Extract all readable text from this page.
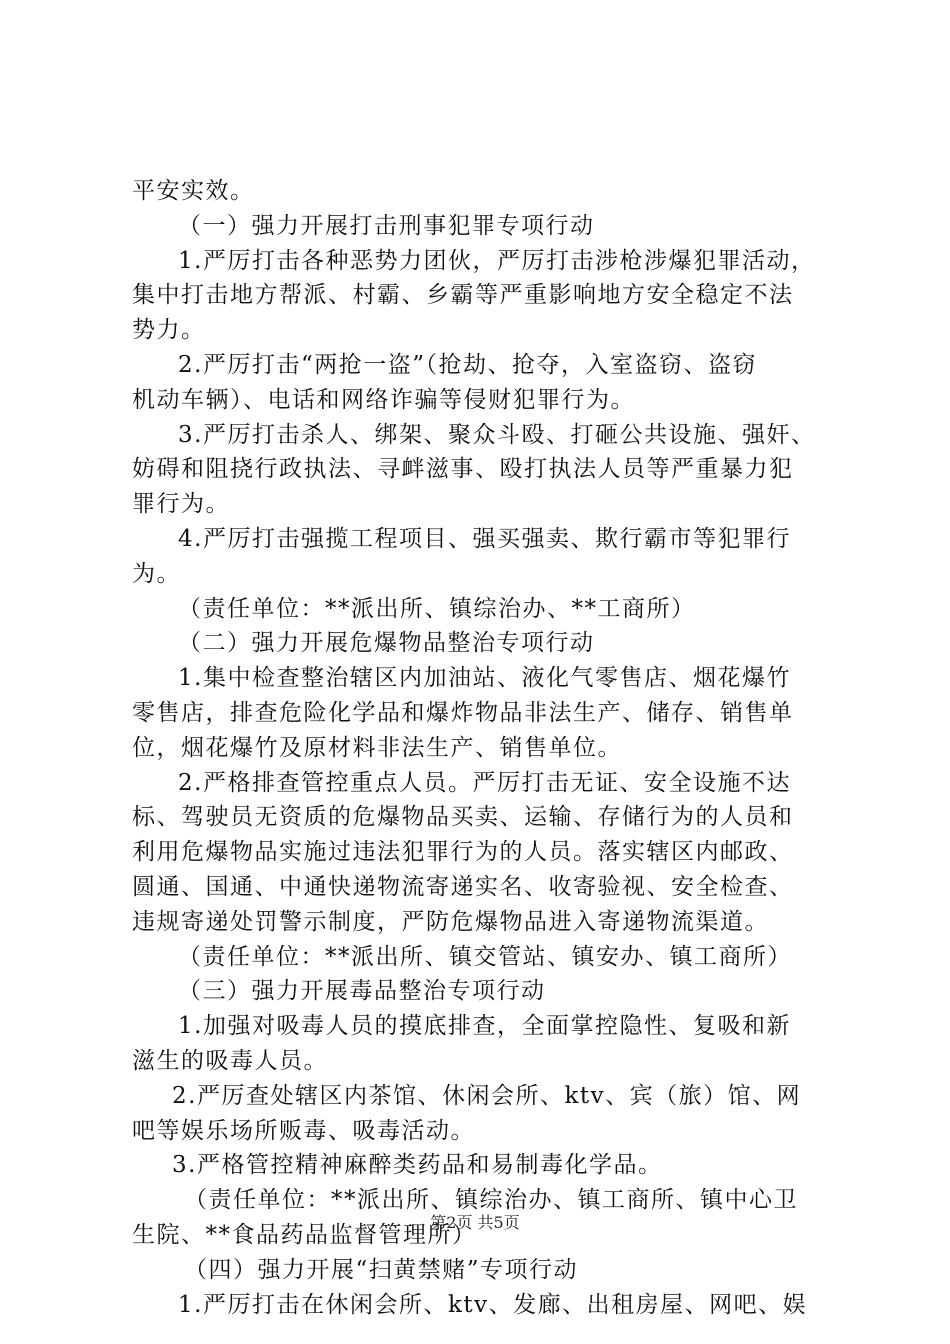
平安实效。
（一）强力开展打击刑事犯罪专项行动
1.严厉打击各种恶势力团伙，严厉打击涉枪涉爆犯罪活动，
集中打击地方帮派、村霸、乡霸等严重影响地方安全稳定不法
势力。
2.严厉打击“两抢一盗”（抢劫、抢夺，入室盗窃、盗窃
机动车辆）、电话和网络诈骗等侵财犯罪行为。
3.严厉打击杀人、绑架、聚众斗殴、打砸公共设施、强奸、
妨碍和阻挠行政执法、寻衅滋事、殴打执法人员等严重暴力犯
罪行为。
4.严厉打击强揽工程项目、强买强卖、欺行霸市等犯罪行
为。
（责任单位：**派出所、镇综治办、**工商所）
（二）强力开展危爆物品整治专项行动
1.集中检查整治辖区内加油站、液化气零售店、烟花爆竹
零售店，排查危险化学品和爆炸物品非法生产、储存、销售单
位，烟花爆竹及原材料非法生产、销售单位。
2.严格排查管控重点人员。严厉打击无证、安全设施不达
标、驾驶员无资质的危爆物品买卖、运输、存储行为的人员和
利用危爆物品实施过违法犯罪行为的人员。落实辖区内邮政、
圆通、国通、中通快递物流寄递实名、收寄验视、安全检查、
违规寄递处罚警示制度，严防危爆物品进入寄递物流渠道。
（责任单位：**派出所、镇交管站、镇安办、镇工商所）
（三）强力开展毒品整治专项行动
1.加强对吸毒人员的摸底排查，全面掌控隐性、复吸和新
滋生的吸毒人员。
2.严厉查处辖区内茶馆、休闲会所、ktv、宾（旅）馆、网
吧等娱乐场所贩毒、吸毒活动。
3.严格管控精神麻醉类药品和易制毒化学品。
（责任单位：**派出所、镇综治办、镇工商所、镇中心卫
生院、**食品药品监督管理所）
（四）强力开展“扫黄禁赌”专项行动
1.严厉打击在休闲会所、ktv、发廊、出租房屋、网吧、娱
第2页 共5页
